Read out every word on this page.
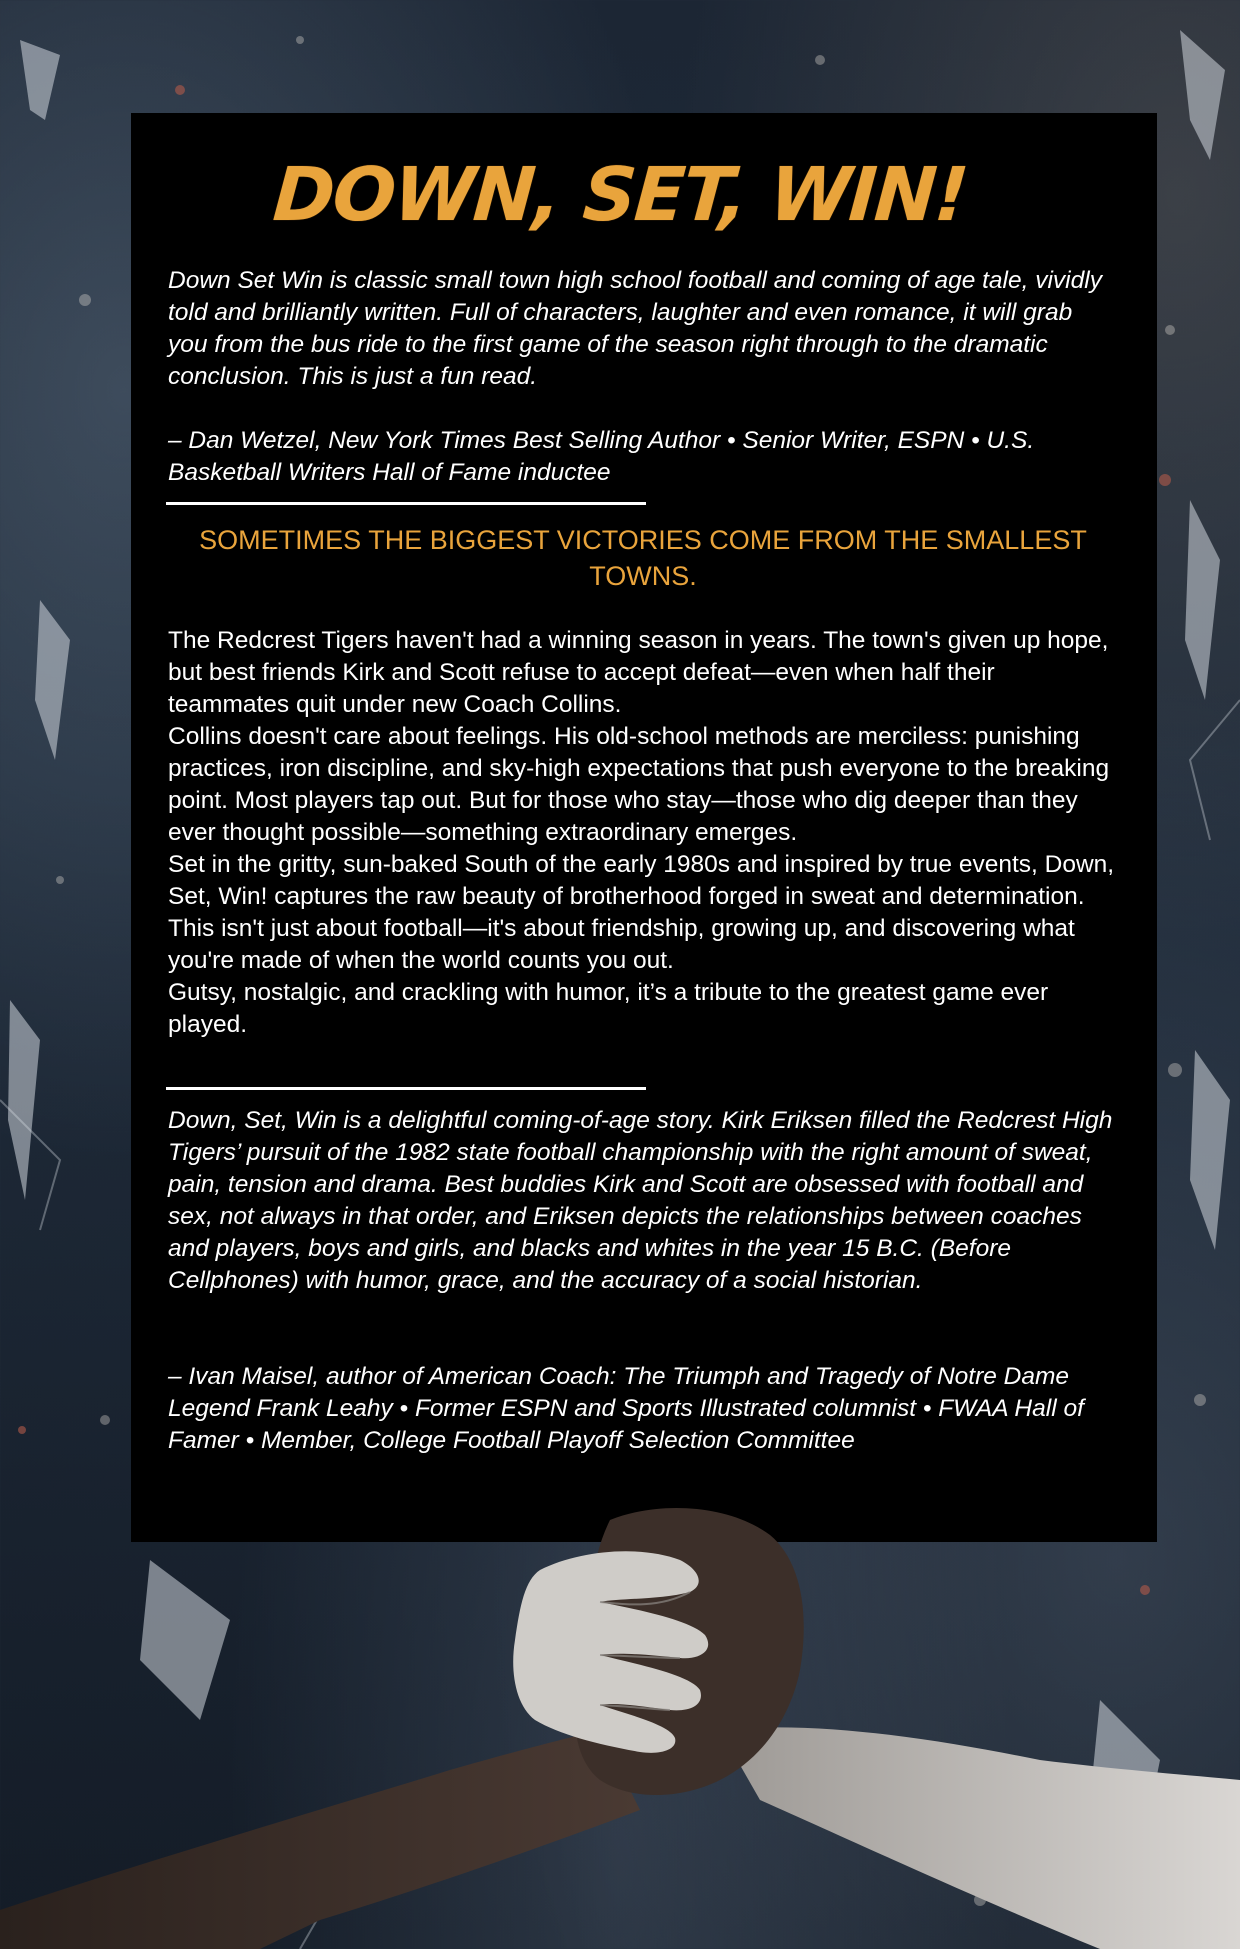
DOWN, SET, WIN!
Down Set Win is classic small town high school football and coming of age tale, vividly told and brilliantly written. Full of characters, laughter and even romance, it will grab you from the bus ride to the first game of the season right through to the dramatic conclusion. This is just a fun read.
– Dan Wetzel, New York Times Best Selling Author • Senior Writer, ESPN • U.S. Basketball Writers Hall of Fame inductee
SOMETIMES THE BIGGEST VICTORIES COME FROM THE SMALLEST TOWNS.

The Redcrest Tigers haven't had a winning season in years. The town's given up hope, but best friends Kirk and Scott refuse to accept defeat—even when half their teammates quit under new Coach Collins.

Collins doesn't care about feelings. His old-school methods are merciless: punishing practices, iron discipline, and sky-high expectations that push everyone to the breaking point. Most players tap out. But for those who stay—those who dig deeper than they ever thought possible—something extraordinary emerges.

Set in the gritty, sun-baked South of the early 1980s and inspired by true events, Down, Set, Win! captures the raw beauty of brotherhood forged in sweat and determination. This isn't just about football—it's about friendship, growing up, and discovering what you're made of when the world counts you out.

Gutsy, nostalgic, and crackling with humor, it’s a tribute to the greatest game ever played.

Down, Set, Win is a delightful coming-of-age story. Kirk Eriksen filled the Redcrest High Tigers’ pursuit of the 1982 state football championship with the right amount of sweat, pain, tension and drama. Best buddies Kirk and Scott are obsessed with football and sex, not always in that order, and Eriksen depicts the relationships between coaches and players, boys and girls, and blacks and whites in the year 15 B.C. (Before Cellphones) with humor, grace, and the accuracy of a social historian.
– Ivan Maisel, author of American Coach: The Triumph and Tragedy of Notre Dame Legend Frank Leahy • Former ESPN and Sports Illustrated columnist • FWAA Hall of Famer • Member, College Football Playoff Selection Committee
